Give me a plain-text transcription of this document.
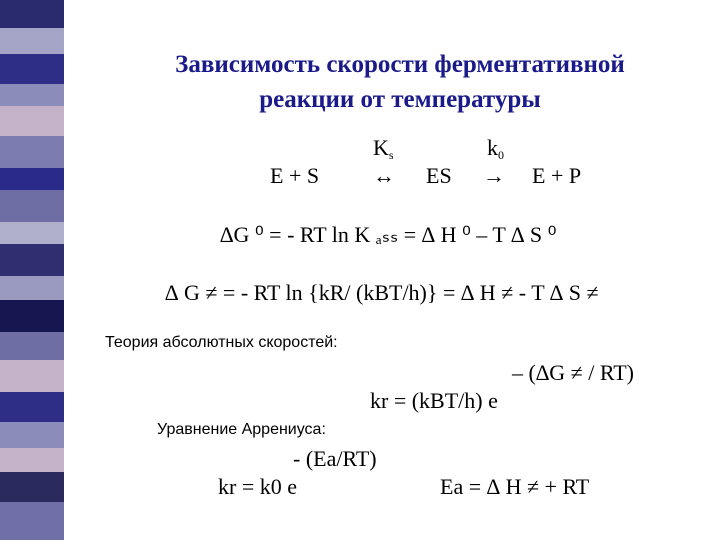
Зависимость скорости ферментативной
реакции от температуры
E + S
$K_s$
↔ ES
$k_0$
→ E + P
∆G ⁰ = - RT ln K ₐₛₛ = ∆ H ⁰ – T ∆ S ⁰
∆ G ≠ = - RT ln {kR/ (kBT/h)} = ∆ H ≠ - T ∆ S ≠
Теория абсолютных скоростей:
– (∆G ≠ / RT)
kr = (kBT/h) e
Уравнение Аррениуса:
- (Ea/RT)
kr = k0 e	Ea = ∆ H ≠ + RT
